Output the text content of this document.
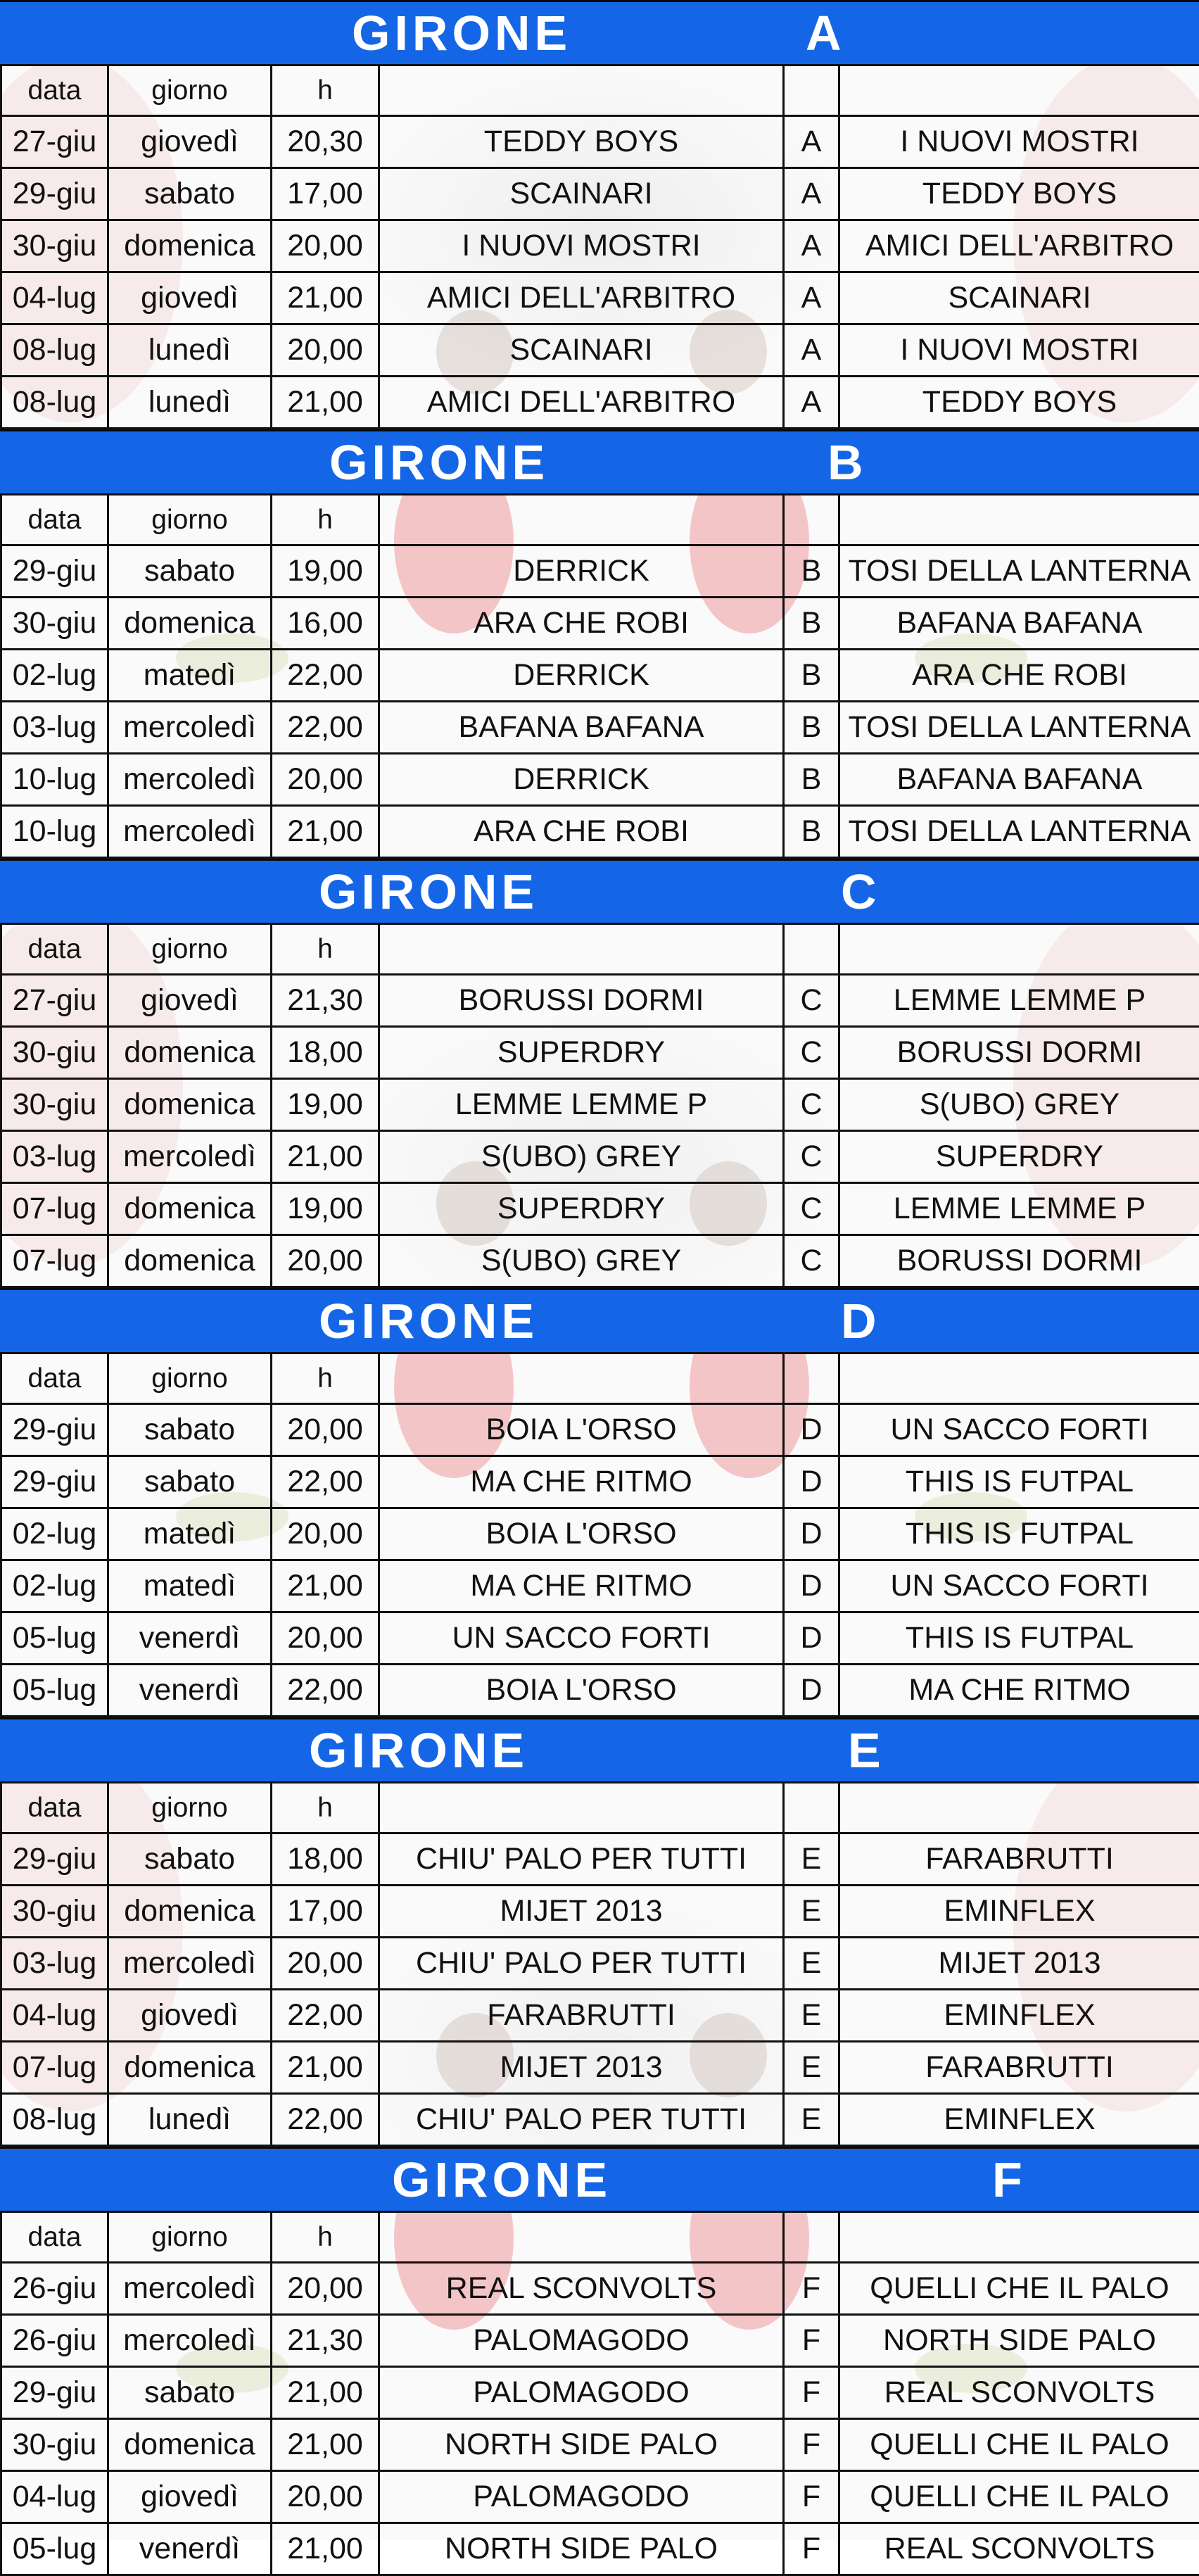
GIRONE	A
data	giorno	h			
27-giu	giovedì	20,30	TEDDY BOYS	A	I NUOVI MOSTRI
29-giu	sabato	17,00	SCAINARI	A	TEDDY BOYS
30-giu	domenica	20,00	I NUOVI MOSTRI	A	AMICI DELL'ARBITRO
04-lug	giovedì	21,00	AMICI DELL'ARBITRO	A	SCAINARI
08-lug	lunedì	20,00	SCAINARI	A	I NUOVI MOSTRI
08-lug	lunedì	21,00	AMICI DELL'ARBITRO	A	TEDDY BOYS
GIRONE	B
data	giorno	h			
29-giu	sabato	19,00	DERRICK	B	TOSI DELLA LANTERNA
30-giu	domenica	16,00	ARA CHE ROBI	B	BAFANA BAFANA
02-lug	matedì	22,00	DERRICK	B	ARA CHE ROBI
03-lug	mercoledì	22,00	BAFANA BAFANA	B	TOSI DELLA LANTERNA
10-lug	mercoledì	20,00	DERRICK	B	BAFANA BAFANA
10-lug	mercoledì	21,00	ARA CHE ROBI	B	TOSI DELLA LANTERNA
GIRONE	C
data	giorno	h			
27-giu	giovedì	21,30	BORUSSI DORMI	C	LEMME LEMME P
30-giu	domenica	18,00	SUPERDRY	C	BORUSSI DORMI
30-giu	domenica	19,00	LEMME LEMME P	C	S(UBO) GREY
03-lug	mercoledì	21,00	S(UBO) GREY	C	SUPERDRY
07-lug	domenica	19,00	SUPERDRY	C	LEMME LEMME P
07-lug	domenica	20,00	S(UBO) GREY	C	BORUSSI DORMI
GIRONE	D
data	giorno	h			
29-giu	sabato	20,00	BOIA L'ORSO	D	UN SACCO FORTI
29-giu	sabato	22,00	MA CHE RITMO	D	THIS IS FUTPAL
02-lug	matedì	20,00	BOIA L'ORSO	D	THIS IS FUTPAL
02-lug	matedì	21,00	MA CHE RITMO	D	UN SACCO FORTI
05-lug	venerdì	20,00	UN SACCO FORTI	D	THIS IS FUTPAL
05-lug	venerdì	22,00	BOIA L'ORSO	D	MA CHE RITMO
GIRONE	E
data	giorno	h			
29-giu	sabato	18,00	CHIU' PALO PER TUTTI	E	FARABRUTTI
30-giu	domenica	17,00	MIJET 2013	E	EMINFLEX
03-lug	mercoledì	20,00	CHIU' PALO PER TUTTI	E	MIJET 2013
04-lug	giovedì	22,00	FARABRUTTI	E	EMINFLEX
07-lug	domenica	21,00	MIJET 2013	E	FARABRUTTI
08-lug	lunedì	22,00	CHIU' PALO PER TUTTI	E	EMINFLEX
GIRONE	F
data	giorno	h			
26-giu	mercoledì	20,00	REAL SCONVOLTS	F	QUELLI CHE IL PALO
26-giu	mercoledì	21,30	PALOMAGODO	F	NORTH SIDE PALO
29-giu	sabato	21,00	PALOMAGODO	F	REAL SCONVOLTS
30-giu	domenica	21,00	NORTH SIDE PALO	F	QUELLI CHE IL PALO
04-lug	giovedì	20,00	PALOMAGODO	F	QUELLI CHE IL PALO
05-lug	venerdì	21,00	NORTH SIDE PALO	F	REAL SCONVOLTS
